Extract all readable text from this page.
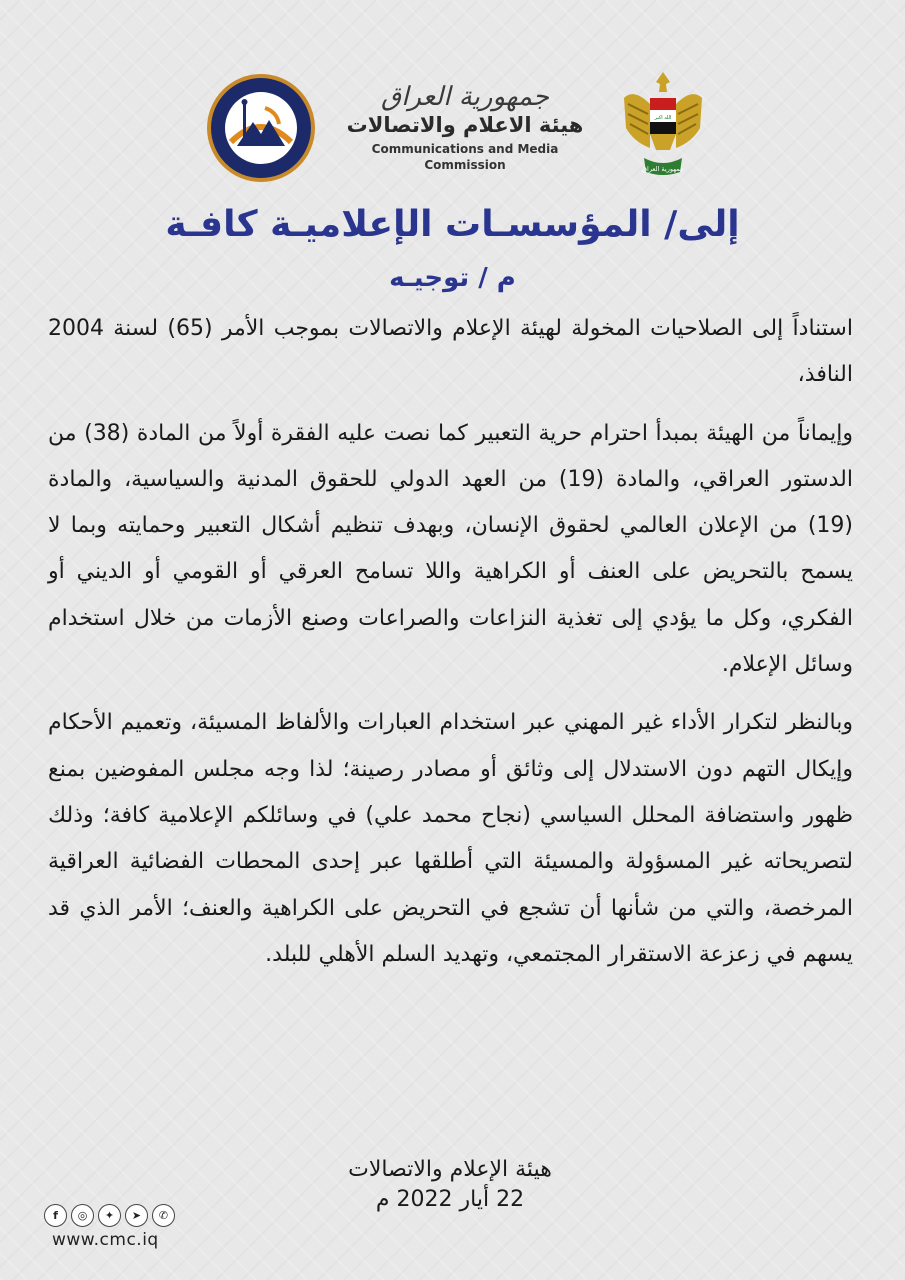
جمهورية العراق
هيئة الاعلام والاتصالات
Communications and Media Commission
الله اكبر
جمهورية العراق
إلى/ المؤسسـات الإعلاميـة كافـة
م / توجيـه

استناداً إلى الصلاحيات المخولة لهيئة الإعلام والاتصالات بموجب الأمر (65) لسنة 2004 النافذ،

وإيماناً من الهيئة بمبدأ احترام حرية التعبير كما نصت عليه الفقرة أولاً من المادة (38) من الدستور العراقي، والمادة (19) من العهد الدولي للحقوق المدنية والسياسية، والمادة (19) من الإعلان العالمي لحقوق الإنسان، وبهدف تنظيم أشكال التعبير وحمايته وبما لا يسمح بالتحريض على العنف أو الكراهية واللا تسامح العرقي أو القومي أو الديني أو الفكري، وكل ما يؤدي إلى تغذية النزاعات والصراعات وصنع الأزمات من خلال استخدام وسائل الإعلام.

وبالنظر لتكرار الأداء غير المهني عبر استخدام العبارات والألفاظ المسيئة، وتعميم الأحكام وإيكال التهم دون الاستدلال إلى وثائق أو مصادر رصينة؛ لذا وجه مجلس المفوضين بمنع ظهور واستضافة المحلل السياسي (نجاح محمد علي) في وسائلكم الإعلامية كافة؛ وذلك لتصريحاته غير المسؤولة والمسيئة التي أطلقها عبر إحدى المحطات الفضائية العراقية المرخصة، والتي من شأنها أن تشجع في التحريض على الكراهية والعنف؛ الأمر الذي قد يسهم في زعزعة الاستقرار المجتمعي، وتهديد السلم الأهلي للبلد.

هيئة الإعلام والاتصالات
22 أيار 2022 م
f	◎	✦	➤	✆
www.cmc.iq
